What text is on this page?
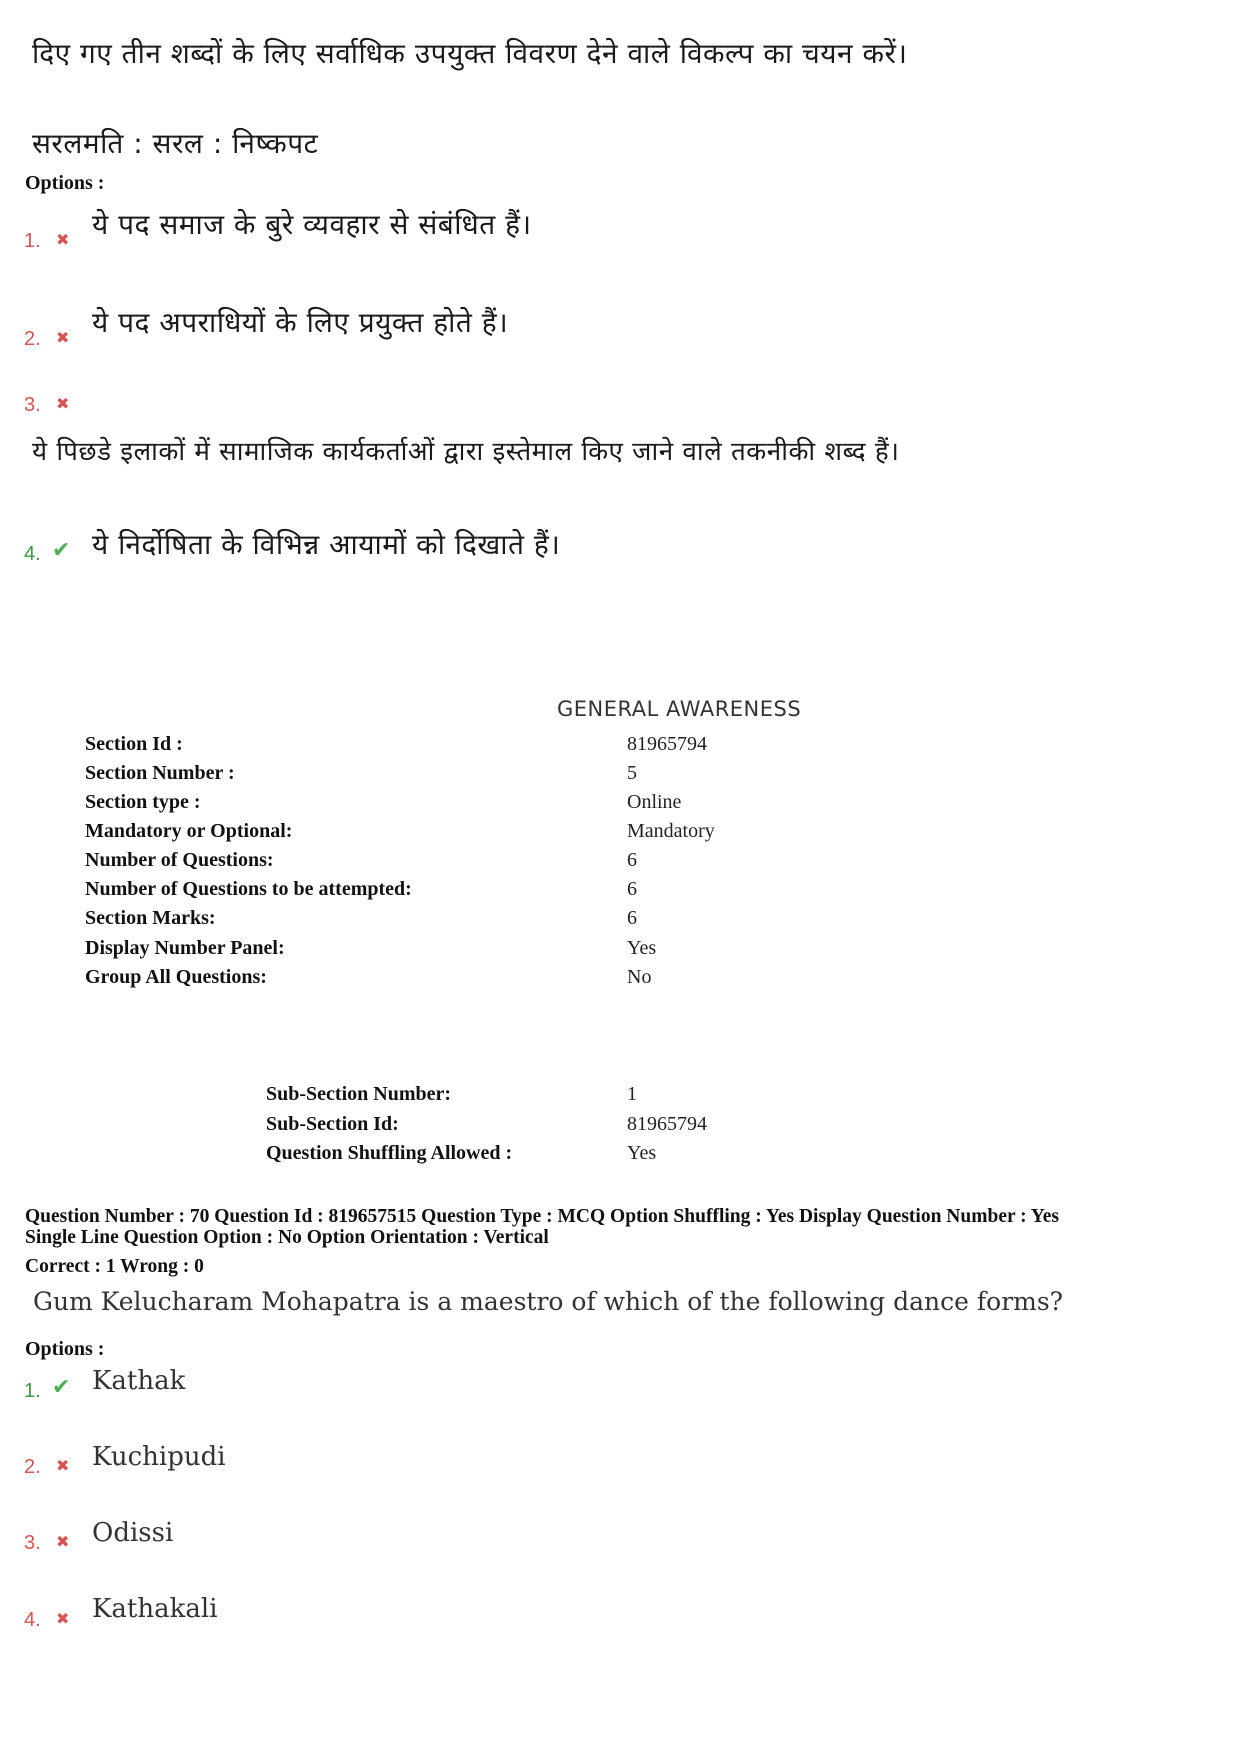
दिए गए तीन शब्दों के लिए सर्वाधिक उपयुक्त विवरण देने वाले विकल्प का चयन करें।
सरलमति : सरल : निष्कपट
Options :
1. ✖ ये पद समाज के बुरे व्यवहार से संबंधित हैं।
2. ✖ ये पद अपराधियों के लिए प्रयुक्त होते हैं।
3. ✖
ये पिछडे इलाकों में सामाजिक कार्यकर्ताओं द्वारा इस्तेमाल किए जाने वाले तकनीकी शब्द हैं।
4. ✔ ये निर्दोषिता के विभिन्न आयामों को दिखाते हैं।
GENERAL AWARENESS
Section Id :	81965794
Section Number :	5
Section type :	Online
Mandatory or Optional:	Mandatory
Number of Questions:	6
Number of Questions to be attempted:	6
Section Marks:	6
Display Number Panel:	Yes
Group All Questions:	No
Sub-Section Number:	1
Sub-Section Id:	81965794
Question Shuffling Allowed :	Yes
Question Number : 70 Question Id : 819657515 Question Type : MCQ Option Shuffling : Yes Display Question Number : Yes
Single Line Question Option : No Option Orientation : Vertical
Correct : 1 Wrong : 0
Gum Kelucharam Mohapatra is a maestro of which of the following dance forms?
Options :
1. ✔ Kathak
2. ✖ Kuchipudi
3. ✖ Odissi
4. ✖ Kathakali
